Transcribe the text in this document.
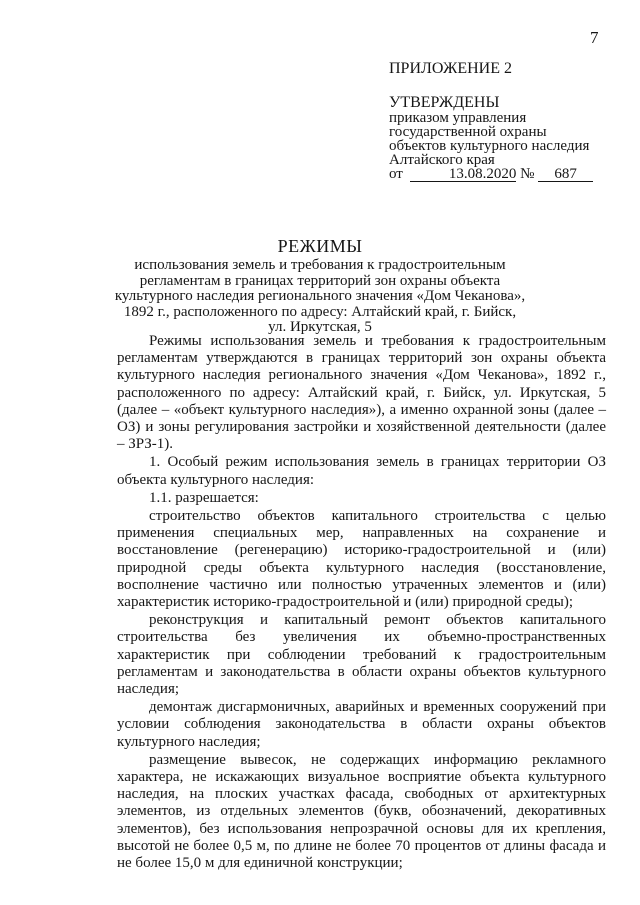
7
ПРИЛОЖЕНИЕ 2
УТВЕРЖДЕНЫ
приказом управления
государственной охраны
объектов культурного наследия
Алтайского края
от	13.08.2020 № 687
РЕЖИМЫ
использования земель и требования к градостроительным
регламентам в границах территорий зон охраны объекта
культурного наследия регионального значения «Дом Чеканова»,
1892 г., расположенного по адресу: Алтайский край, г. Бийск,
ул. Иркутская, 5

Режимы использования земель и требования к градостроительным регламентам утверждаются в границах территорий зон охраны объекта культурного наследия регионального значения «Дом Чеканова», 1892 г., расположенного по адресу: Алтайский край, г. Бийск, ул. Иркутская, 5 (далее – «объект культурного наследия»), а именно охранной зоны (далее – ОЗ) и зоны регулирования застройки и хозяйственной деятельности (далее – ЗРЗ-1).

1. Особый режим использования земель в границах территории ОЗ объекта культурного наследия:

1.1. разрешается:

строительство объектов капитального строительства с целью применения специальных мер, направленных на сохранение и восстановление (регенерацию) историко-градостроительной и (или) природной среды объекта культурного наследия (восстановление, восполнение частично или полностью утраченных элементов и (или) характеристик историко-градостроительной и (или) природной среды);

реконструкция и капитальный ремонт объектов капитального строительства без увеличения их объемно-пространственных характеристик при соблюдении требований к градостроительным регламентам и законодательства в области охраны объектов культурного наследия;

демонтаж дисгармоничных, аварийных и временных сооружений при условии соблюдения законодательства в области охраны объектов культурного наследия;

размещение вывесок, не содержащих информацию рекламного характера, не искажающих визуальное восприятие объекта культурного наследия, на плоских участках фасада, свободных от архитектурных элементов, из отдельных элементов (букв, обозначений, декоративных элементов), без использования непрозрачной основы для их крепления, высотой не более 0,5 м, по длине не более 70 процентов от длины фасада и не более 15,0 м для единичной конструкции;
